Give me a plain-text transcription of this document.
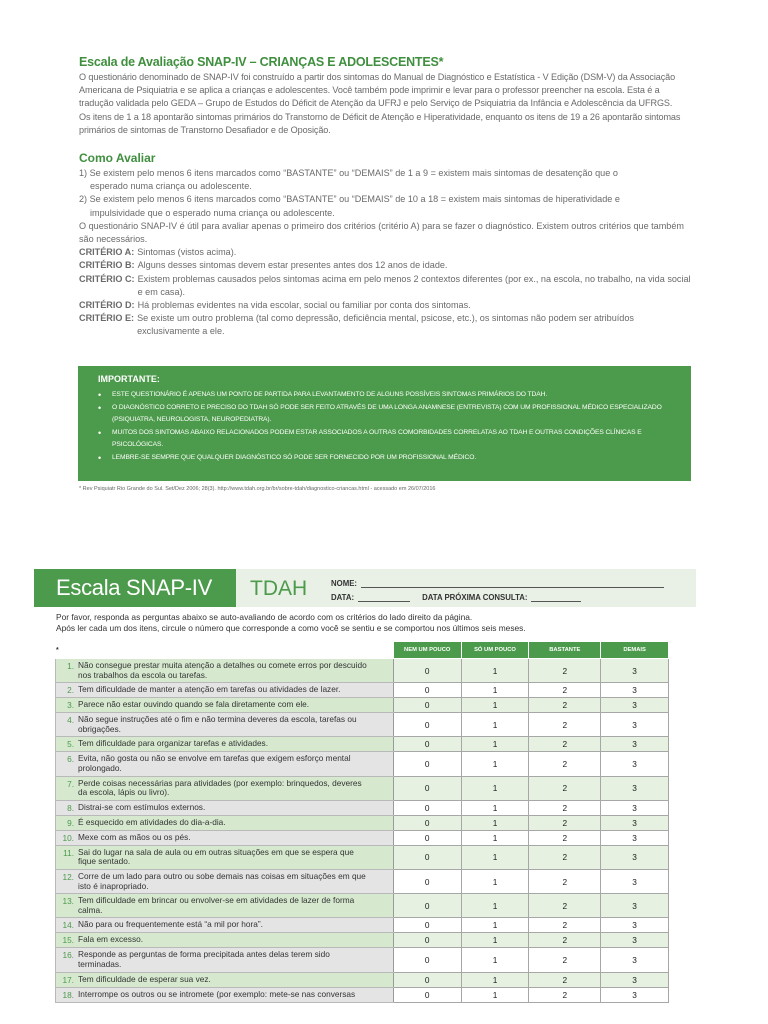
Escala de Avaliação SNAP-IV – CRIANÇAS E ADOLESCENTES*

O questionário denominado de SNAP-IV foi construído a partir dos sintomas do Manual de Diagnóstico e Estatística - V Edição (DSM-V) da Associação Americana de Psiquiatria e se aplica a crianças e adolescentes. Você também pode imprimir e levar para o professor preencher na escola. Esta é a tradução validada pelo GEDA – Grupo de Estudos do Déficit de Atenção da UFRJ e pelo Serviço de Psiquiatria da Infância e Adolescência da UFRGS.

Os itens de 1 a 18 apontarão sintomas primários do Transtorno de Déficit de Atenção e Hiperatividade, enquanto os itens de 19 a 26 apontarão sintomas primários de sintomas de Transtorno Desafiador e de Oposição.

Como Avaliar
1) Se existem pelo menos 6 itens marcados como “BASTANTE” ou “DEMAIS” de 1 a 9 = existem mais sintomas de desatenção que o
esperado numa criança ou adolescente.
2) Se existem pelo menos 6 itens marcados como “BASTANTE” ou “DEMAIS” de 10 a 18 = existem mais sintomas de hiperatividade e
impulsividade que o esperado numa criança ou adolescente.
O questionário SNAP-IV é útil para avaliar apenas o primeiro dos critérios (critério A) para se fazer o diagnóstico. Existem outros critérios que também são necessários.
CRITÉRIO A: Sintomas (vistos acima).
CRITÉRIO B: Alguns desses sintomas devem estar presentes antes dos 12 anos de idade.
CRITÉRIO C: Existem problemas causados pelos sintomas acima em pelo menos 2 contextos diferentes (por ex., na escola, no trabalho, na vida social e em casa).
CRITÉRIO D: Há problemas evidentes na vida escolar, social ou familiar por conta dos sintomas.
CRITÉRIO E: Se existe um outro problema (tal como depressão, deficiência mental, psicose, etc.), os sintomas não podem ser atribuídos exclusivamente a ele.
IMPORTANTE:
•	ESTE QUESTIONÁRIO É APENAS UM PONTO DE PARTIDA PARA LEVANTAMENTO DE ALGUNS POSSÍVEIS SINTOMAS PRIMÁRIOS DO TDAH.
•	O DIAGNÓSTICO CORRETO E PRECISO DO TDAH SÓ PODE SER FEITO ATRAVÉS DE UMA LONGA ANAMNESE (ENTREVISTA) COM UM PROFISSIONAL MÉDICO ESPECIALIZADO (PSIQUIATRA, NEUROLOGISTA, NEUROPEDIATRA).
•	MUITOS DOS SINTOMAS ABAIXO RELACIONADOS PODEM ESTAR ASSOCIADOS A OUTRAS COMORBIDADES CORRELATAS AO TDAH E OUTRAS CONDIÇÕES CLÍNICAS E PSICOLÓGICAS.
•	LEMBRE-SE SEMPRE QUE QUALQUER DIAGNÓSTICO SÓ PODE SER FORNECIDO POR UM PROFISSIONAL MÉDICO.
* Rev Psiquiatr Rio Grande do Sul. Set/Dez 2006; 28(3). http://www.tdah.org.br/br/sobre-tdah/diagnostico-criancas.html - acessado em 26/07/2016
Escala SNAP-IV	TDAH	NOME:
DATA:	DATA PRÓXIMA CONSULTA:
Por favor, responda as perguntas abaixo se auto-avaliando de acordo com os critérios do lado direito da página.
Após ler cada um dos itens, circule o número que corresponde a como você se sentiu e se comportou nos últimos seis meses.
*	NEM UM POUCO	SÓ UM POUCO	BASTANTE	DEMAIS
1. Não consegue prestar muita atenção a detalhes ou comete erros por descuido nos trabalhos da escola ou tarefas.	0	1	2	3
2. Tem dificuldade de manter a atenção em tarefas ou atividades de lazer.	0	1	2	3
3. Parece não estar ouvindo quando se fala diretamente com ele.	0	1	2	3
4. Não segue instruções até o fim e não termina deveres da escola, tarefas ou obrigações.	0	1	2	3
5. Tem dificuldade para organizar tarefas e atividades.	0	1	2	3
6. Evita, não gosta ou não se envolve em tarefas que exigem esforço mental prolongado.	0	1	2	3
7. Perde coisas necessárias para atividades (por exemplo: brinquedos, deveres da escola, lápis ou livro).	0	1	2	3
8. Distrai-se com estímulos externos.	0	1	2	3
9. É esquecido em atividades do dia-a-dia.	0	1	2	3
10. Mexe com as mãos ou os pés.	0	1	2	3
11. Sai do lugar na sala de aula ou em outras situações em que se espera que fique sentado.	0	1	2	3
12. Corre de um lado para outro ou sobe demais nas coisas em situações em que isto é inapropriado.	0	1	2	3
13. Tem dificuldade em brincar ou envolver-se em atividades de lazer de forma calma.	0	1	2	3
14. Não para ou frequentemente está “a mil por hora”.	0	1	2	3
15. Fala em excesso.	0	1	2	3
16. Responde as perguntas de forma precipitada antes delas terem sido terminadas.	0	1	2	3
17. Tem dificuldade de esperar sua vez.	0	1	2	3
18. Interrompe os outros ou se intromete (por exemplo: mete-se nas conversas	0	1	2	3
